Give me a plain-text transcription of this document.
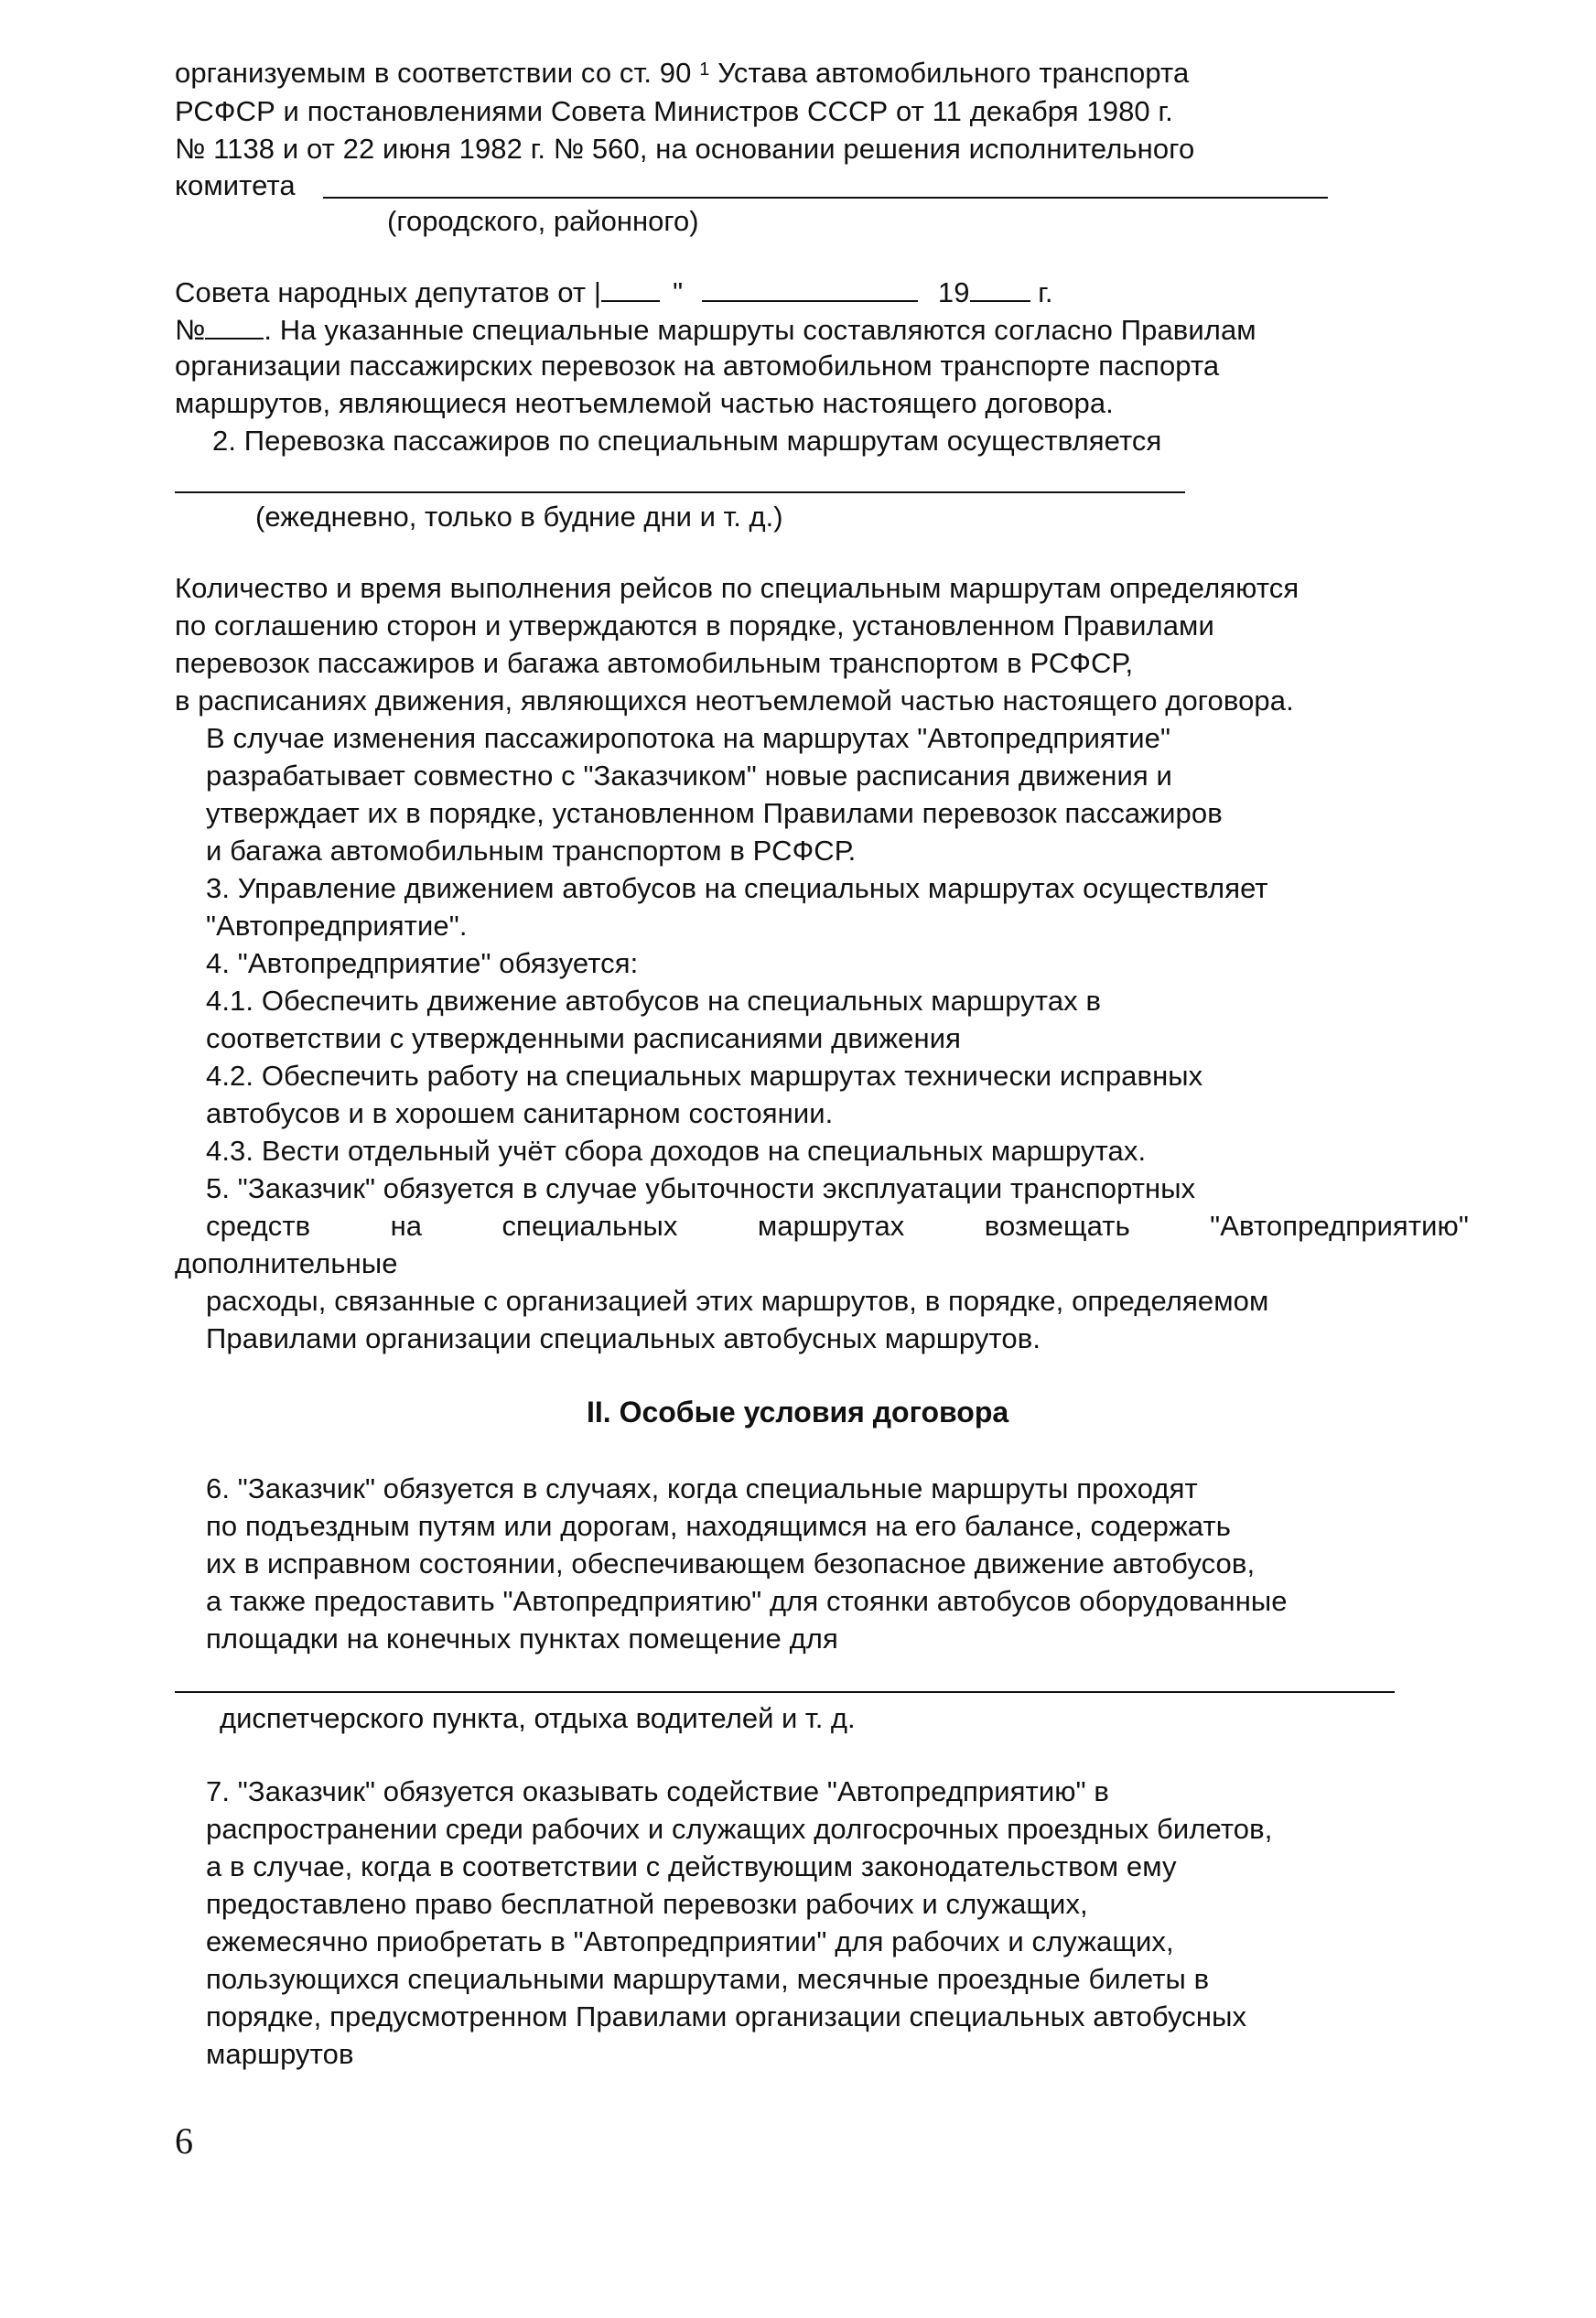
организуемым в соответствии со ст. 90 $^1$ Устава автомобильного транспорта
РСФСР и постановлениями Совета Министров СССР от 11 декабря 1980 г.
№ 1138 и от 22 июня 1982 г. № 560, на основании решения исполнительного
комитета
(городского, районного)
Совета народных депутатов от |	"	19 г.
№ . На указанные специальные маршруты составляются согласно Правилам
организации пассажирских перевозок на автомобильном транспорте паспорта
маршрутов, являющиеся неотъемлемой частью настоящего договора.
2. Перевозка пассажиров по специальным маршрутам осуществляется
(ежедневно, только в будние дни и т. д.)
Количество и время выполнения рейсов по специальным маршрутам определяются
по соглашению сторон и утверждаются в порядке, установленном Правилами
перевозок пассажиров и багажа автомобильным транспортом в РСФСР,
в расписаниях движения, являющихся неотъемлемой частью настоящего договора.
В случае изменения пассажиропотока на маршрутах "Автопредприятие"
разрабатывает совместно с "Заказчиком" новые расписания движения и
утверждает их в порядке, установленном Правилами перевозок пассажиров
и багажа автомобильным транспортом в РСФСР.
3. Управление движением автобусов на специальных маршрутах осуществляет
"Автопредприятие".
4. "Автопредприятие" обязуется:
4.1. Обеспечить движение автобусов на специальных маршрутах в
соответствии с утвержденными расписаниями движения
4.2. Обеспечить работу на специальных маршрутах технически исправных
автобусов и в хорошем санитарном состоянии.
4.3. Вести отдельный учёт сбора доходов на специальных маршрутах.
5. "Заказчик" обязуется в случае убыточности эксплуатации транспортных
средств	на	специальных	маршрутах	возмещать	"Автопредприятию"
дополнительные
расходы, связанные с организацией этих маршрутов, в порядке, определяемом
Правилами организации специальных автобусных маршрутов.
II. Особые условия договора
6. "Заказчик" обязуется в случаях, когда специальные маршруты проходят
по подъездным путям или дорогам, находящимся на его балансе, содержать
их в исправном состоянии, обеспечивающем безопасное движение автобусов,
а также предоставить "Автопредприятию" для стоянки автобусов оборудованные
площадки на конечных пунктах помещение для
диспетчерского пункта, отдыха водителей и т. д.
7. "Заказчик" обязуется оказывать содействие "Автопредприятию" в
распространении среди рабочих и служащих долгосрочных проездных билетов,
а в случае, когда в соответствии с действующим законодательством ему
предоставлено право бесплатной перевозки рабочих и служащих,
ежемесячно приобретать в "Автопредприятии" для рабочих и служащих,
пользующихся специальными маршрутами, месячные проездные билеты в
порядке, предусмотренном Правилами организации специальных автобусных
маршрутов
6
